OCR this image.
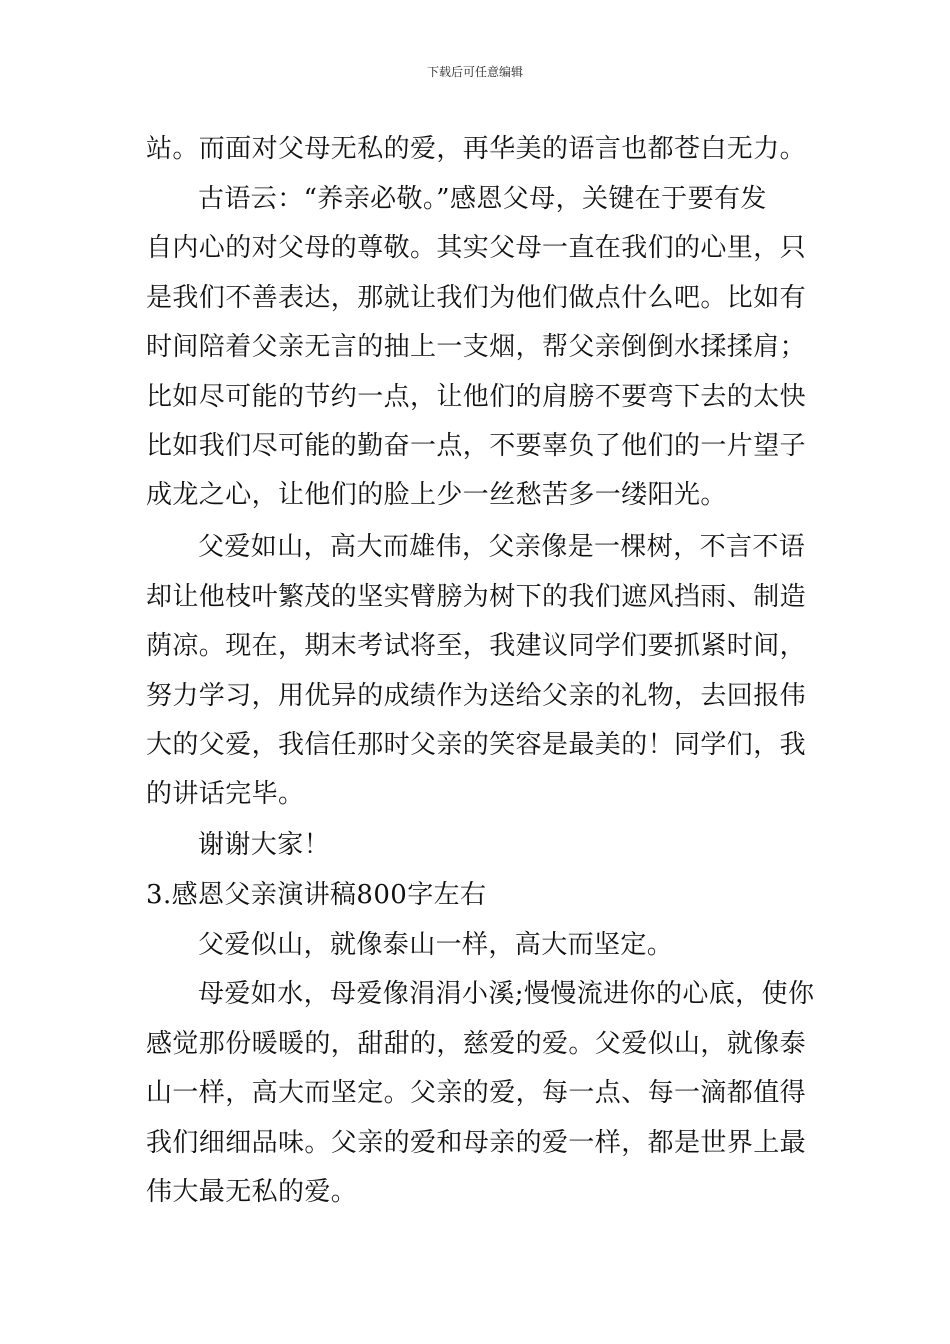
下载后可任意编辑
站。而面对父母无私的爱，再华美的语言也都苍白无力。
古语云：“养亲必敬。”感恩父母，关键在于要有发
自内心的对父母的尊敬。其实父母一直在我们的心里，只
是我们不善表达，那就让我们为他们做点什么吧。比如有
时间陪着父亲无言的抽上一支烟，帮父亲倒倒水揉揉肩；
比如尽可能的节约一点，让他们的肩膀不要弯下去的太快
比如我们尽可能的勤奋一点，不要辜负了他们的一片望子
成龙之心，让他们的脸上少一丝愁苦多一缕阳光。
父爱如山，高大而雄伟，父亲像是一棵树，不言不语
却让他枝叶繁茂的坚实臂膀为树下的我们遮风挡雨、制造
荫凉。现在，期末考试将至，我建议同学们要抓紧时间，
努力学习，用优异的成绩作为送给父亲的礼物，去回报伟
大的父爱，我信任那时父亲的笑容是最美的！同学们，我
的讲话完毕。
谢谢大家！
3.感恩父亲演讲稿800字左右
父爱似山，就像泰山一样，高大而坚定。
母爱如水，母爱像涓涓小溪;慢慢流进你的心底，使你
感觉那份暖暖的，甜甜的，慈爱的爱。父爱似山，就像泰
山一样，高大而坚定。父亲的爱，每一点、每一滴都值得
我们细细品味。父亲的爱和母亲的爱一样，都是世界上最
伟大最无私的爱。
